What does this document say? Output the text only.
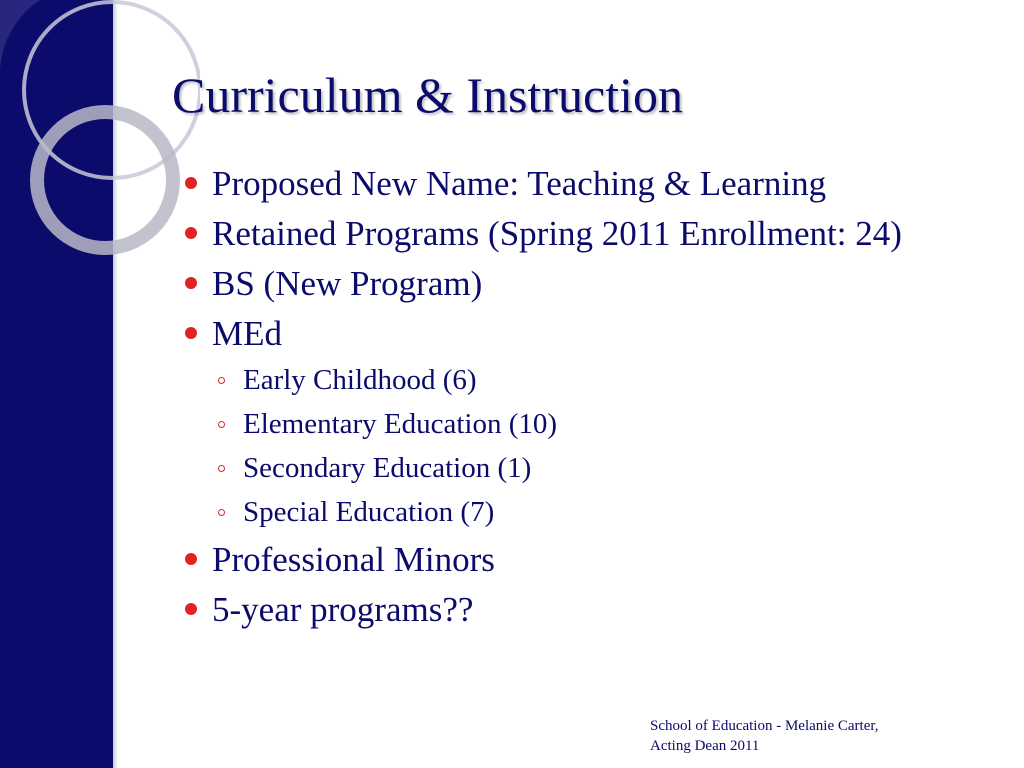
Curriculum & Instruction
Proposed New Name: Teaching & Learning
Retained Programs (Spring 2011 Enrollment: 24)
BS (New Program)
MEd
Early Childhood (6)
Elementary Education (10)
Secondary Education (1)
Special Education (7)
Professional Minors
5-year programs??
School of Education - Melanie Carter,
Acting Dean 2011
